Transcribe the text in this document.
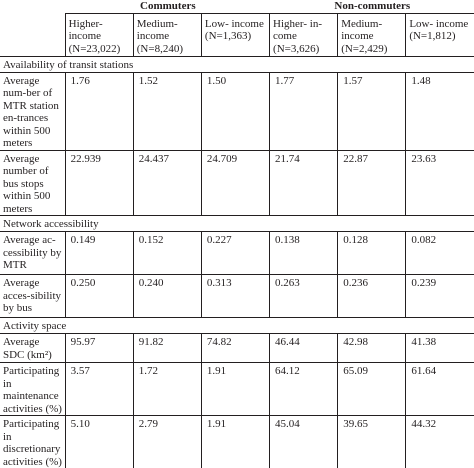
	Commuters			Non-commuters		
	Higher-income (N=23,022)	Medium-income (N=8,240)	Low- income (N=1,363)	Higher- in-come (N=3,626)	Medium-income (N=2,429)	Low- income (N=1,812)
Availability of transit stations						
Average num-ber of MTR station en-trances within 500 meters	1.76	1.52	1.50	1.77	1.57	1.48
Average number of bus stops within 500 meters	22.939	24.437	24.709	21.74	22.87	23.63
Network accessibility						
Average ac-cessibility by MTR	0.149	0.152	0.227	0.138	0.128	0.082
Average acces-sibility by bus	0.250	0.240	0.313	0.263	0.236	0.239
Activity space						
Average SDC (km²)	95.97	91.82	74.82	46.44	42.98	41.38
Participating in maintenance activities (%)	3.57	1.72	1.91	64.12	65.09	61.64
Participating in discretionary activities (%)	5.10	2.79	1.91	45.04	39.65	44.32
